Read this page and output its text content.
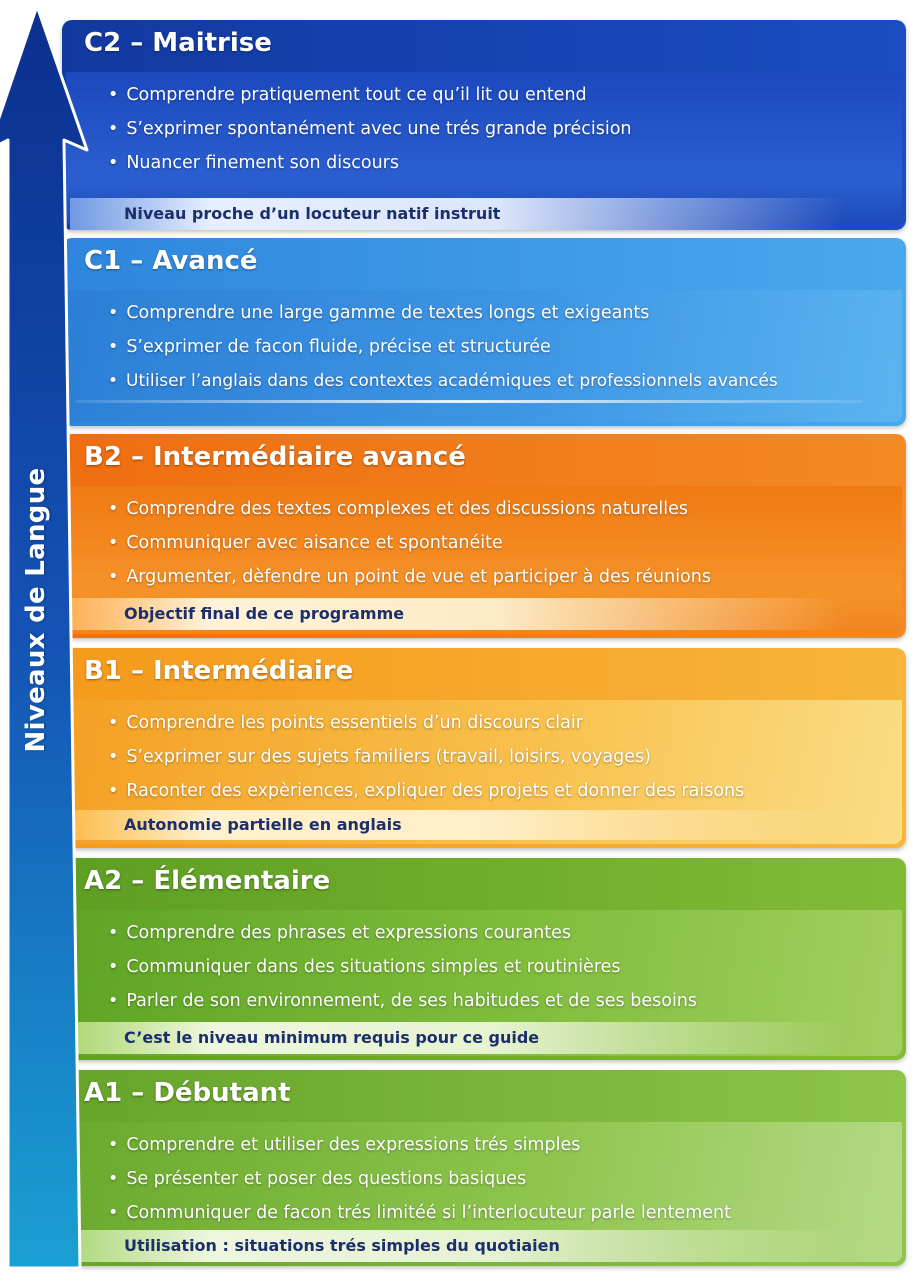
Niveaux de Langue
C2 – Maitrise
• Comprendre pratiquement tout ce qu’il lit ou entend
• S’exprimer spontanément avec une trés grande précision
• Nuancer finement son discours
Niveau proche d’un locuteur natif instruit
C1 – Avancé
• Comprendre une large gamme de textes longs et exigeants
• S’exprimer de facon fluide, précise et structurée
• Utiliser l’anglais dans des contextes académiques et professionnels avancés
B2 – Intermédiaire avancé
• Comprendre des textes complexes et des discussions naturelles
• Communiquer avec aisance et spontanéite
• Argumenter, dèfendre un point de vue et participer à des réunions
Objectif final de ce programme
B1 – Intermédiaire
• Comprendre les points essentiels d’un discours clair
• S’exprimer sur des sujets familiers (travail, loisirs, voyages)
• Raconter des expèriences, expliquer des projets et donner des raisons
Autonomie partielle en anglais
A2 – Élémentaire
• Comprendre des phrases et expressions courantes
• Communiquer dans des situations simples et routinières
• Parler de son environnement, de ses habitudes et de ses besoins
C’est le niveau minimum requis pour ce guide
A1 – Débutant
• Comprendre et utiliser des expressions trés simples
• Se présenter et poser des questions basiques
• Communiquer de facon trés limitéé si l’interlocuteur parle lentement
Utilisation : situations trés simples du quotiaien
